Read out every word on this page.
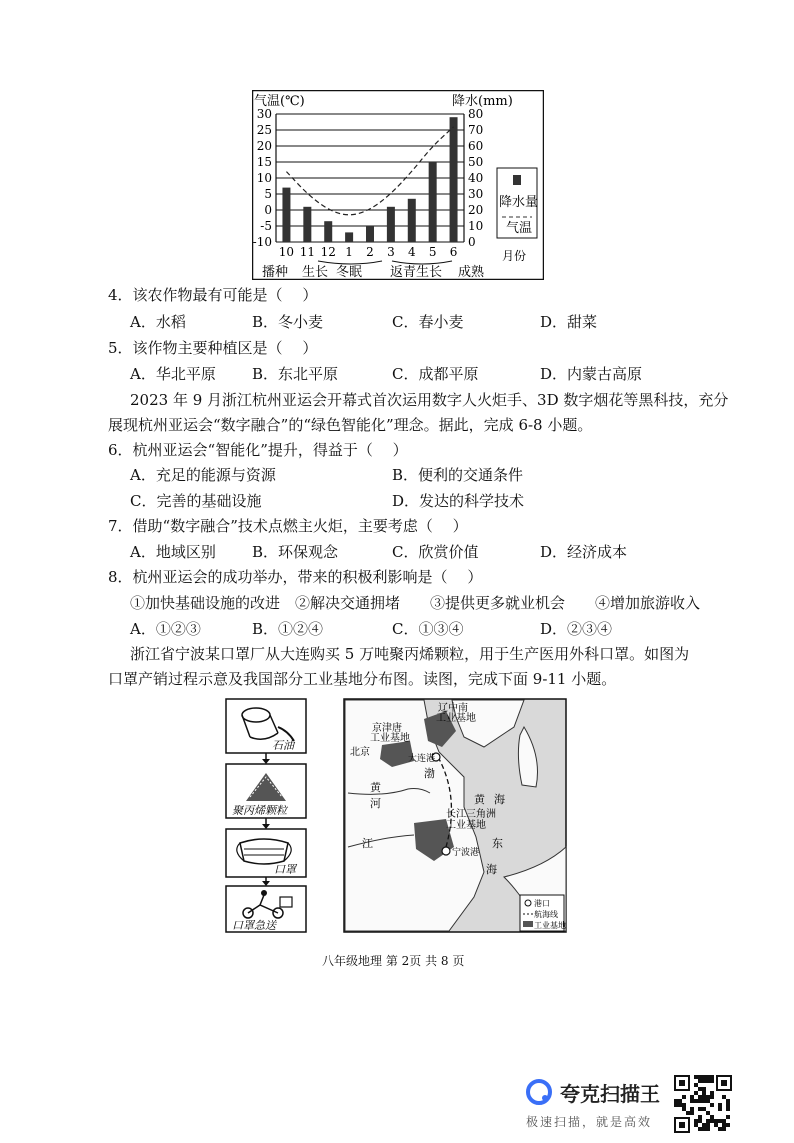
气温(℃)	降水(mm)
30
25
20
15
10
5
0
-5
-10
80
70
60
50
40
30
20
10
0
10 11 12 1 2 3 4 5 6	月份
降水量
气温
播种 生长 冬眠 返青生长 成熟
4．该农作物最有可能是（　 ）
A．水稻	B．冬小麦	C．春小麦	D．甜菜
5．该作物主要种植区是（　 ）
A．华北平原 B．东北平原	C．成都平原	D．内蒙古高原
2023 年 9 月浙江杭州亚运会开幕式首次运用数字人火炬手、3D 数字烟花等黑科技，充分
展现杭州亚运会“数字融合”的“绿色智能化”理念。据此，完成 6-8 小题。
6．杭州亚运会“智能化”提升，得益于（　 ）
A．充足的能源与资源	B．便利的交通条件
C．完善的基础设施	D．发达的科学技术
7．借助“数字融合”技术点燃主火炬，主要考虑（　 ）
A．地域区别 B．环保观念	C．欣赏价值	D．经济成本
8．杭州亚运会的成功举办，带来的积极利影响是（　 ）
①加快基础设施的改进　②解决交通拥堵　　③提供更多就业机会　　④增加旅游收入
A．①②③	B．①②④	C．①③④	D．②③④
浙江省宁波某口罩厂从大连购买 5 万吨聚丙烯颗粒，用于生产医用外科口罩。如图为
口罩产销过程示意及我国部分工业基地分布图。读图，完成下面 9-11 小题。
石油
聚丙烯颗粒
口罩
口罩急送
辽中南
工业基地
京津唐
工业基地
北京
大连港
渤
黄
河	黄 海
长江三角洲
工业基地
江
宁波港
东
海
港口
航海线
工业基地
八年级地理 第 2页 共 8 页
夸克扫描王
极速扫描，就是高效
